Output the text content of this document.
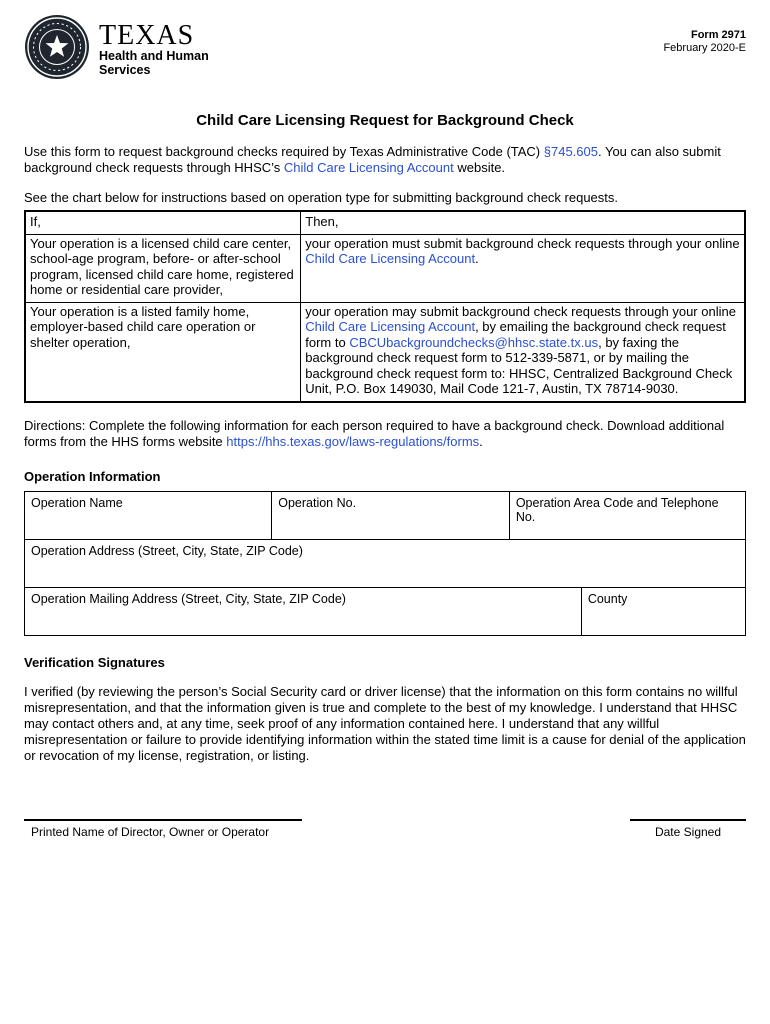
TEXAS
Health and Human
Services
Form 2971
February 2020-E
Child Care Licensing Request for Background Check

Use this form to request background checks required by Texas Administrative Code (TAC) §745.605. You can also submit background check requests through HHSC’s Child Care Licensing Account website.

See the chart below for instructions based on operation type for submitting background check requests.

If,	Then,
Your operation is a licensed child care center, school-age program, before- or after-school program, licensed child care home, registered home or residential care provider,	your operation must submit background check requests through your online Child Care Licensing Account.
Your operation is a listed family home, employer-based child care operation or shelter operation,	your operation may submit background check requests through your online Child Care Licensing Account, by emailing the background check request form to CBCUbackgroundchecks@hhsc.state.tx.us, by faxing the background check request form to 512-339-5871, or by mailing the background check request form to: HHSC, Centralized Background Check Unit, P.O. Box 149030, Mail Code 121-7, Austin, TX 78714-9030.

Directions: Complete the following information for each person required to have a background check. Download additional forms from the HHS forms website https://hhs.texas.gov/laws-regulations/forms.

Operation Information
Operation Name	Operation No.	Operation Area Code and Telephone No.
Operation Address (Street, City, State, ZIP Code)
Operation Mailing Address (Street, City, State, ZIP Code)	County
Verification Signatures

I verified (by reviewing the person’s Social Security card or driver license) that the information on this form contains no willful misrepresentation, and that the information given is true and complete to the best of my knowledge. I understand that HHSC may contact others and, at any time, seek proof of any information contained here. I understand that any willful misrepresentation or failure to provide identifying information within the stated time limit is a cause for denial of the application or revocation of my license, registration, or listing.

Printed Name of Director, Owner or Operator	Date Signed
